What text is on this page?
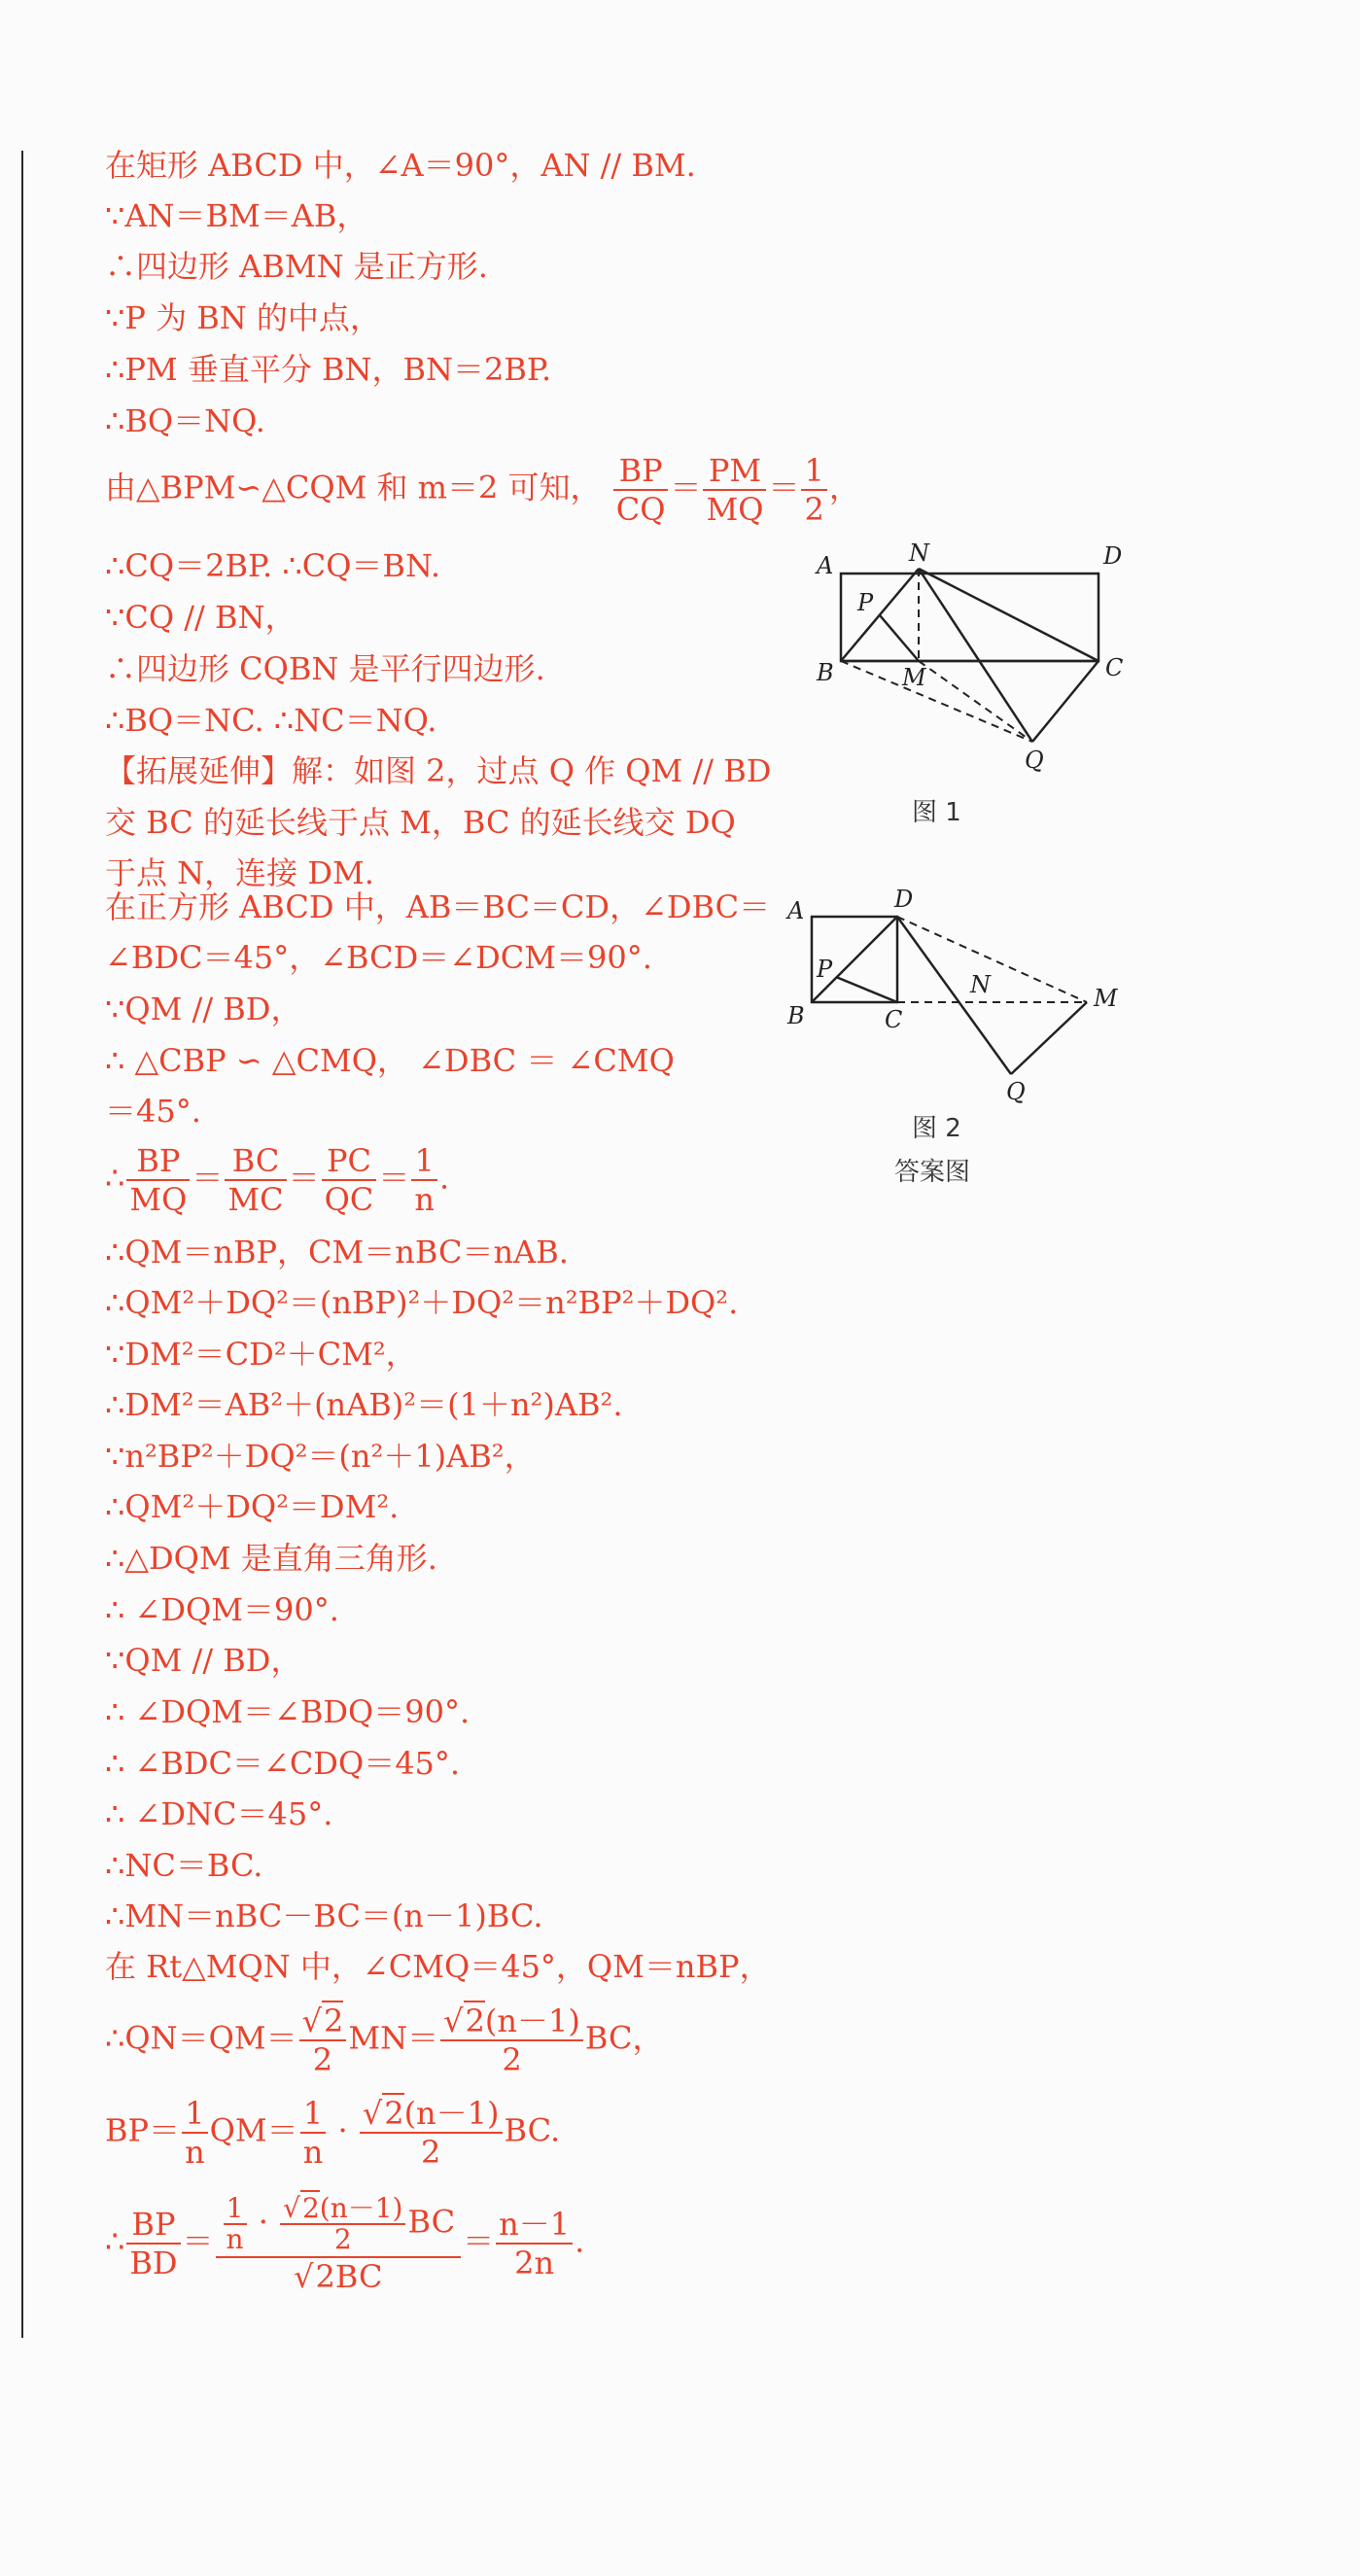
在矩形 ABCD 中，∠A＝90°，AN // BM.
∵AN＝BM＝AB，
∴四边形 ABMN 是正方形.
∵P 为 BN 的中点，
∴PM 垂直平分 BN，BN＝2BP.
∴BQ＝NQ.
由△BPM∽△CQM 和 m＝2 可知， $\frac{BP}{CQ} = \frac{PM}{MQ} = \frac{1}{2}$ ，
∴CQ＝2BP. ∴CQ＝BN.
∵CQ // BN，
∴四边形 CQBN 是平行四边形.
∴BQ＝NC. ∴NC＝NQ.
【拓展延伸】解：如图 2，过点 Q 作 QM // BD
交 BC 的延长线于点 M，BC 的延长线交 DQ
于点 N，连接 DM.
在正方形 ABCD 中，AB＝BC＝CD，∠DBC＝
∠BDC＝45°，∠BCD＝∠DCM＝90°.
∵QM // BD，
∴ △CBP ∽ △CMQ， ∠DBC ＝ ∠CMQ
＝45°.
∴ $\frac{BP}{MQ} = \frac{BC}{MC} = \frac{PC}{QC} = \frac{1}{n}$ .
∴QM＝nBP，CM＝nBC＝nAB.
∴QM²＋DQ²＝(nBP)²＋DQ²＝n²BP²＋DQ².
∵DM²＝CD²＋CM²，
∴DM²＝AB²＋(nAB)²＝(1＋n²)AB².
∵n²BP²＋DQ²＝(n²＋1)AB²，
∴QM²＋DQ²＝DM².
∴△DQM 是直角三角形.
∴ ∠DQM＝90°.
∵QM // BD，
∴ ∠DQM＝∠BDQ＝90°.
∴ ∠BDC＝∠CDQ＝45°.
∴ ∠DNC＝45°.
∴NC＝BC.
∴MN＝nBC－BC＝(n－1)BC.
在 Rt△MQN 中，∠CMQ＝45°，QM＝nBP，
∴QN＝QM＝ $\frac{√2}{2} MN= \frac{√2(n-1)}{2}$ BC，
$BP= \frac{1}{n} QM= \frac{1}{n} \cdot \frac{√2(n-1)}{2}$ BC.
∴ $\frac{BP}{BD} = \frac{\frac{1}{n} \cdot \frac{√2(n-1)}{2} BC}{√2BC} = \frac{n-1}{2n}$ .
A	N	D
P
B	M	C
Q
图 1
A	D
P
N	M
B	C
Q
图 2
答案图
